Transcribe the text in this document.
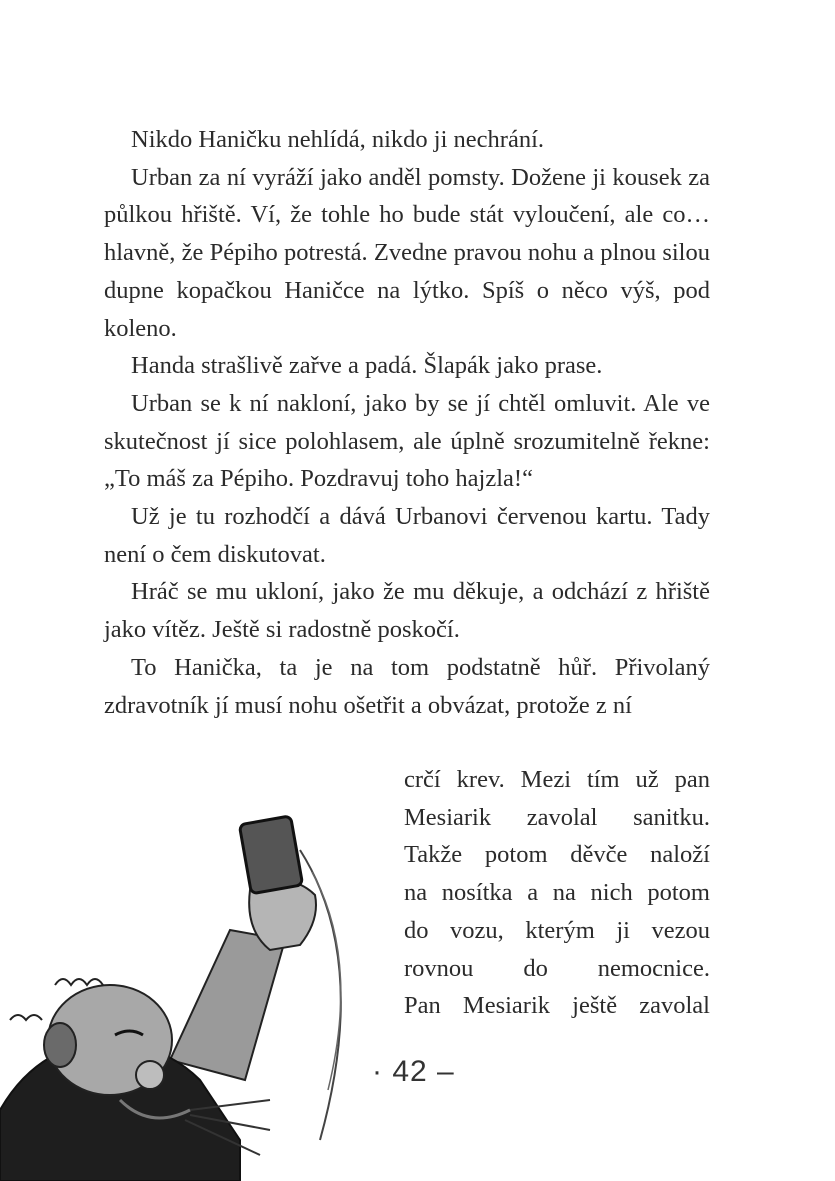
Nikdo Haničku nehlídá, nikdo ji nechrání.

Urban za ní vyráží jako anděl pomsty. Dožene ji kousek za půlkou hřiště. Ví, že tohle ho bude stát vyloučení, ale co… hlavně, že Pépiho potrestá. Zvedne pravou nohu a plnou silou dupne kopačkou Haničce na lýtko. Spíš o něco výš, pod koleno.

Handa strašlivě zařve a padá. Šlapák jako prase.

Urban se k ní nakloní, jako by se jí chtěl omluvit. Ale ve skutečnost jí sice polohlasem, ale úplně srozumitelně řekne: „To máš za Pépiho. Pozdravuj toho hajzla!“

Už je tu rozhodčí a dává Urbanovi červenou kartu. Tady není o čem diskutovat.

Hráč se mu ukloní, jako že mu děkuje, a odchází z hřiště jako vítěz. Ještě si radostně poskočí.

To Hanička, ta je na tom podstatně hůř. Přivolaný zdravotník jí musí nohu ošetřit a obvázat, protože z ní

crčí krev. Mezi tím už pan
Mesiarik zavolal sanitku.
Takže potom děvče naloží
na nosítka a na nich potom
do vozu, kterým ji vezou
rovnou do nemocnice.
Pan Mesiarik ještě zavolal
· 42 –
